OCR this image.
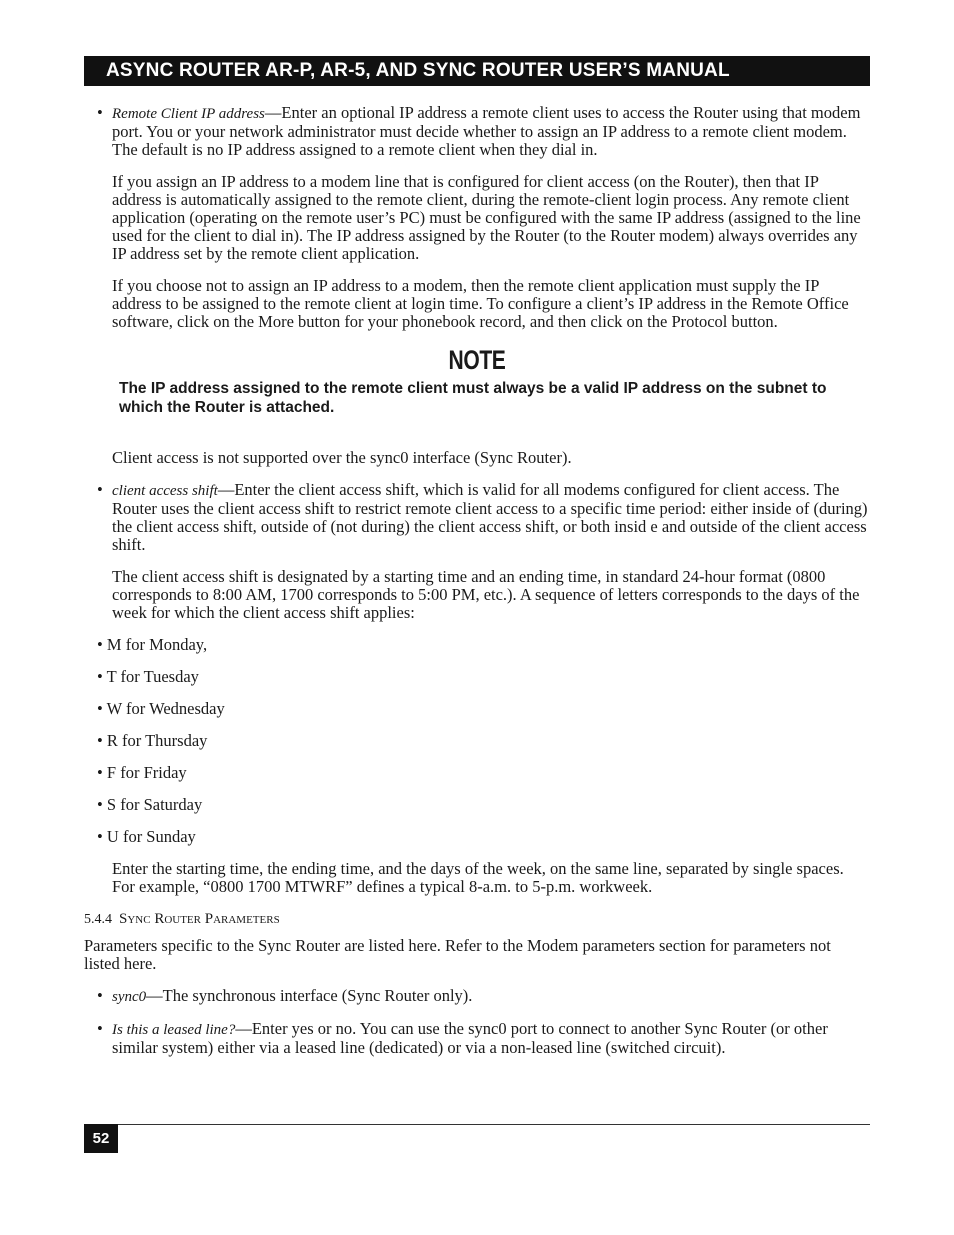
ASYNC ROUTER AR-P, AR-5, AND SYNC ROUTER USER’S MANUAL
• Remote Client IP address—Enter an optional IP address a remote client uses to access the Router using that modem port. You or your network administrator must decide whether to assign an IP address to a remote client modem. The default is no IP address assigned to a remote client when they dial in.

If you assign an IP address to a modem line that is configured for client access (on the Router), then that IP address is automatically assigned to the remote client, during the remote-client login process. Any remote client application (operating on the remote user’s PC) must be configured with the same IP address (assigned to the line used for the client to dial in). The IP address assigned by the Router (to the Router modem) always overrides any IP address set by the remote client application.

If you choose not to assign an IP address to a modem, then the remote client application must supply the IP address to be assigned to the remote client at login time. To configure a client’s IP address in the Remote Office software, click on the More button for your phonebook record, and then click on the Protocol button.

NOTE
The IP address assigned to the remote client must always be a valid IP address on the subnet to which the Router is attached.

Client access is not supported over the sync0 interface (Sync Router).

• client access shift—Enter the client access shift, which is valid for all modems configured for client access. The Router uses the client access shift to restrict remote client access to a specific time period: either inside of (during) the client access shift, outside of (not during) the client access shift, or both insid e and outside of the client access shift.

The client access shift is designated by a starting time and an ending time, in standard 24-hour format (0800 corresponds to 8:00 AM, 1700 corresponds to 5:00 PM, etc.). A sequence of letters corresponds to the days of the week for which the client access shift applies:

• M for Monday,
• T for Tuesday
• W for Wednesday
• R for Thursday
• F for Friday
• S for Saturday
• U for Sunday

Enter the starting time, the ending time, and the days of the week, on the same line, separated by single spaces. For example, “0800 1700 MTWRF” defines a typical 8-a.m. to 5-p.m. workweek.

5.4.4 Sync Router Parameters

Parameters specific to the Sync Router are listed here. Refer to the Modem parameters section for parameters not listed here.

• sync0—The synchronous interface (Sync Router only).
• Is this a leased line?—Enter yes or no. You can use the sync0 port to connect to another Sync Router (or other similar system) either via a leased line (dedicated) or via a non-leased line (switched circuit).
52
